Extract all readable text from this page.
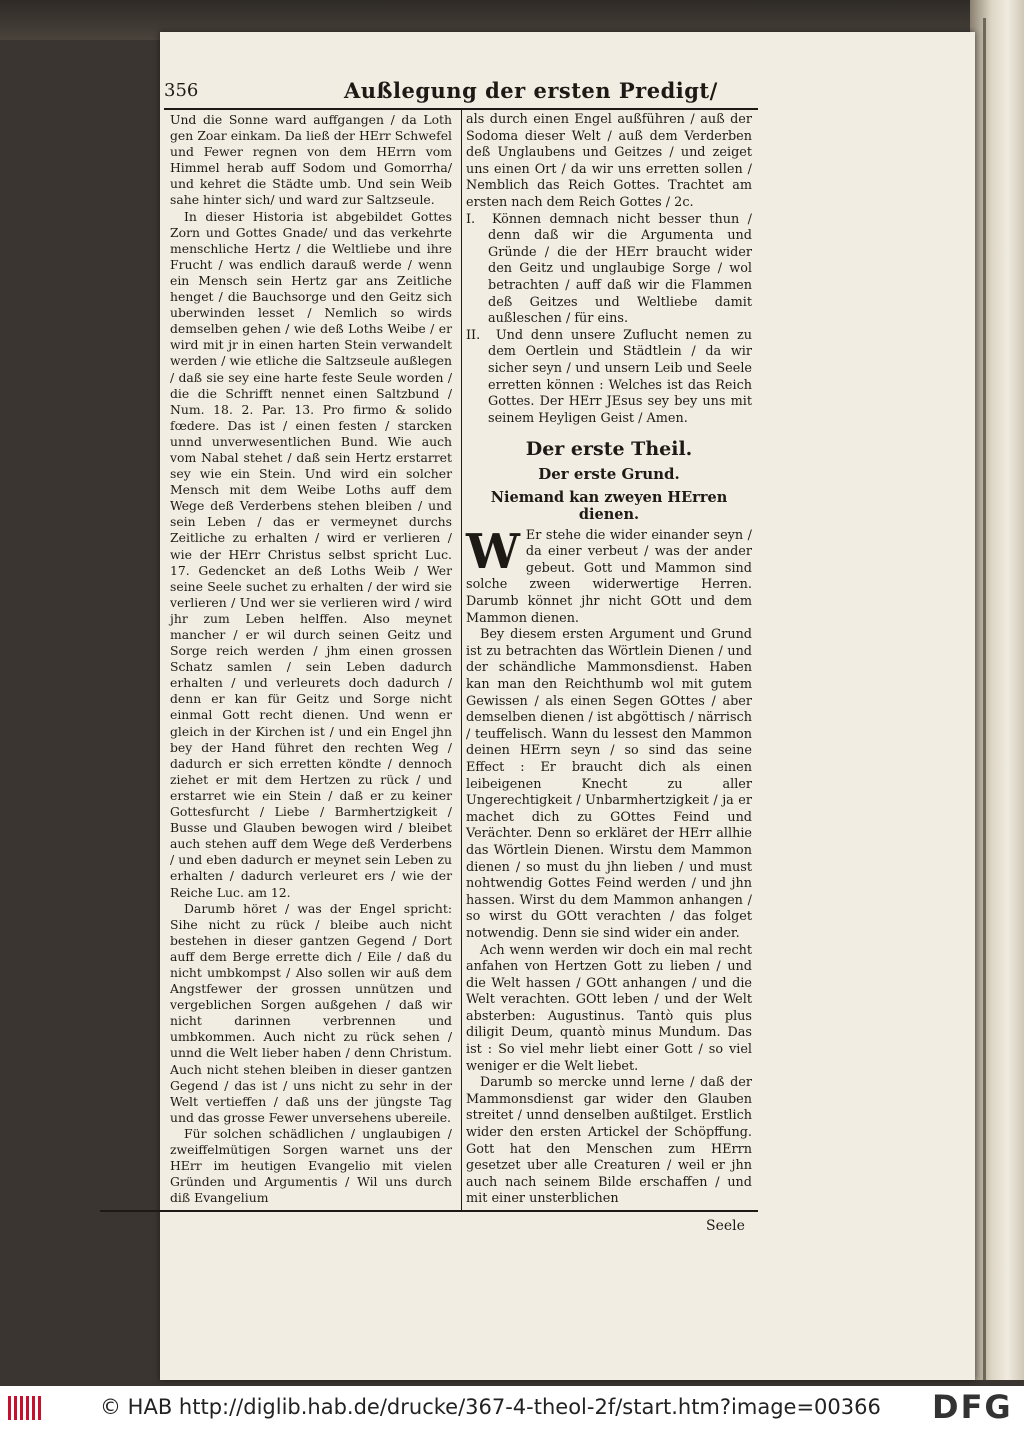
356	Außlegung der ersten Predigt/

Und die Sonne ward auffgangen / da Loth gen Zoar einkam. Da ließ der HErr Schwefel und Fewer regnen von dem HErrn vom Himmel herab auff Sodom und Gomorrha/ und kehret die Städte umb. Und sein Weib sahe hinter sich/ und ward zur Saltzseule.

In dieser Historia ist abgebildet Gottes Zorn und Gottes Gnade/ und das verkehrte menschliche Hertz / die Weltliebe und ihre Frucht / was endlich darauß werde / wenn ein Mensch sein Hertz gar ans Zeitliche henget / die Bauchsorge und den Geitz sich uberwinden lesset / Nemlich so wirds demselben gehen / wie deß Loths Weibe / er wird mit jr in einen harten Stein verwandelt werden / wie etliche die Saltzseule außlegen / daß sie sey eine harte feste Seule worden / die die Schrifft nennet einen Saltzbund / Num. 18. 2. Par. 13. Pro firmo & solido fœdere. Das ist / einen festen / starcken unnd unverwesentlichen Bund. Wie auch vom Nabal stehet / daß sein Hertz erstarret sey wie ein Stein. Und wird ein solcher Mensch mit dem Weibe Loths auff dem Wege deß Verderbens stehen bleiben / und sein Leben / das er vermeynet durchs Zeitliche zu erhalten / wird er verlieren / wie der HErr Christus selbst spricht Luc. 17. Gedencket an deß Loths Weib / Wer seine Seele suchet zu erhalten / der wird sie verlieren / Und wer sie verlieren wird / wird jhr zum Leben helffen. Also meynet mancher / er wil durch seinen Geitz und Sorge reich werden / jhm einen grossen Schatz samlen / sein Leben dadurch erhalten / und verleurets doch dadurch / denn er kan für Geitz und Sorge nicht einmal Gott recht dienen. Und wenn er gleich in der Kirchen ist / und ein Engel jhn bey der Hand führet den rechten Weg / dadurch er sich erretten köndte / dennoch ziehet er mit dem Hertzen zu rück / und erstarret wie ein Stein / daß er zu keiner Gottesfurcht / Liebe / Barmhertzigkeit / Busse und Glauben bewogen wird / bleibet auch stehen auff dem Wege deß Verderbens / und eben dadurch er meynet sein Leben zu erhalten / dadurch verleuret ers / wie der Reiche Luc. am 12.

Darumb höret / was der Engel spricht: Sihe nicht zu rück / bleibe auch nicht bestehen in dieser gantzen Gegend / Dort auff dem Berge errette dich / Eile / daß du nicht umbkompst / Also sollen wir auß dem Angstfewer der grossen unnützen und vergeblichen Sorgen außgehen / daß wir nicht darinnen verbrennen und umbkommen. Auch nicht zu rück sehen / unnd die Welt lieber haben / denn Christum. Auch nicht stehen bleiben in dieser gantzen Gegend / das ist / uns nicht zu sehr in der Welt vertieffen / daß uns der jüngste Tag und das grosse Fewer unversehens ubereile.

Für solchen schädlichen / unglaubigen / zweiffelmütigen Sorgen warnet uns der HErr im heutigen Evangelio mit vielen Gründen und Argumentis / Wil uns durch diß Evangelium

als durch einen Engel außführen / auß der Sodoma dieser Welt / auß dem Verderben deß Unglaubens und Geitzes / und zeiget uns einen Ort / da wir uns erretten sollen / Nemblich das Reich Gottes. Trachtet am ersten nach dem Reich Gottes / 2c.

I. Können demnach nicht besser thun / denn daß wir die Argumenta und Gründe / die der HErr braucht wider den Geitz und unglaubige Sorge / wol betrachten / auff daß wir die Flammen deß Geitzes und Weltliebe damit außleschen / für eins.

II. Und denn unsere Zuflucht nemen zu dem Oertlein und Städtlein / da wir sicher seyn / und unsern Leib und Seele erretten können : Welches ist das Reich Gottes. Der HErr JEsus sey bey uns mit seinem Heyligen Geist / Amen.

Der erste Theil.

Der erste Grund.

Niemand kan zweyen HErren dienen.

W Er stehe die wider einander seyn / da einer verbeut / was der ander gebeut. Gott und Mammon sind solche zween widerwertige Herren. Darumb könnet jhr nicht GOtt und dem Mammon dienen.

Bey diesem ersten Argument und Grund ist zu betrachten das Wörtlein Dienen / und der schändliche Mammonsdienst. Haben kan man den Reichthumb wol mit gutem Gewissen / als einen Segen GOttes / aber demselben dienen / ist abgöttisch / närrisch / teuffelisch. Wann du lessest den Mammon deinen HErrn seyn / so sind das seine Effect : Er braucht dich als einen leibeigenen Knecht zu aller Ungerechtigkeit / Unbarmhertzigkeit / ja er machet dich zu GOttes Feind und Verächter. Denn so erkläret der HErr allhie das Wörtlein Dienen. Wirstu dem Mammon dienen / so must du jhn lieben / und must nohtwendig Gottes Feind werden / und jhn hassen. Wirst du dem Mammon anhangen / so wirst du GOtt verachten / das folget notwendig. Denn sie sind wider ein ander.

Ach wenn werden wir doch ein mal recht anfahen von Hertzen Gott zu lieben / und die Welt hassen / GOtt anhangen / und die Welt verachten. GOtt leben / und der Welt absterben: Augustinus. Tantò quis plus diligit Deum, quantò minus Mundum. Das ist : So viel mehr liebt einer Gott / so viel weniger er die Welt liebet.

Darumb so mercke unnd lerne / daß der Mammonsdienst gar wider den Glauben streitet / unnd denselben außtilget. Erstlich wider den ersten Artickel der Schöpffung. Gott hat den Menschen zum HErrn gesetzet uber alle Creaturen / weil er jhn auch nach seinem Bilde erschaffen / und mit einer unsterblichen

Seele
© HAB http://diglib.hab.de/drucke/367-4-theol-2f/start.htm?image=00366 DFG
